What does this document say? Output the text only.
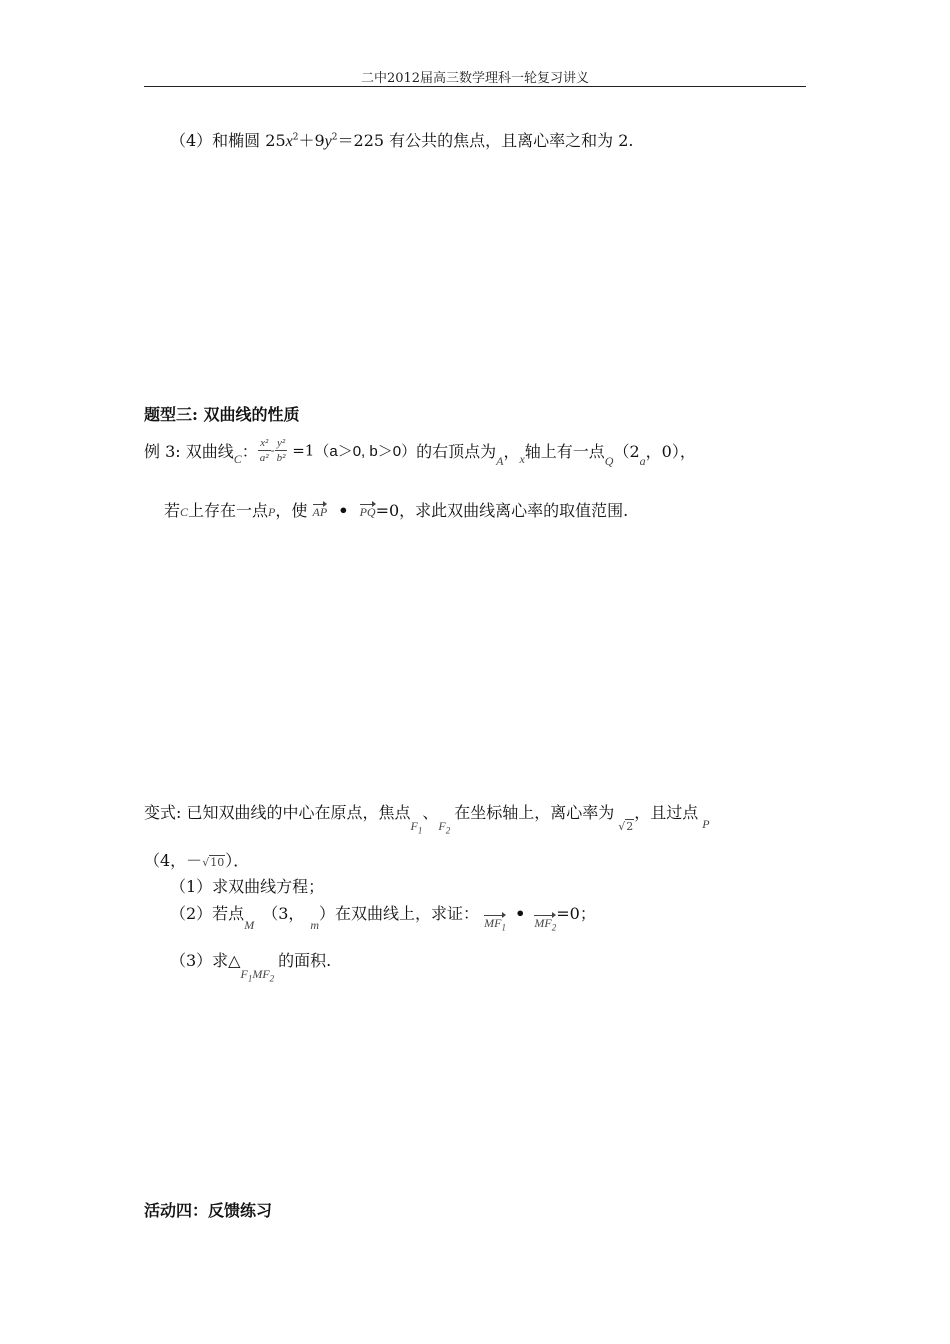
二中2012届高三数学理科一轮复习讲义
（4）和椭圆 $25x^2+9y^2=225$ 有公共的焦点，且离心率之和为 2.
题型三: 双曲线的性质
例 3: 双曲线$_C$： $\frac{\text{x²}}{\text{a²}} - \frac{\text{y²}}{\text{b²}} =1(a>0$, b＞0）的右顶点为$_A$，$_x$轴上有一点$_Q(2_a$，0），
若C上存在一点P，使 AP • PQ=0，求此双曲线离心率的取值范围.
变式: 已知双曲线的中心在原点，焦点$_{F_1}$、$_{F_2}$在坐标轴上，离心率为√2，且过点$_P$
（4，－√10）．
（1）求双曲线方程；
（2）若点$_M$（3，$_m$）在双曲线上，求证： $MF_1$ • $MF_2=0$；
（3）求$\triangle_{F_1MF_2}$的面积.
活动四：反馈练习
